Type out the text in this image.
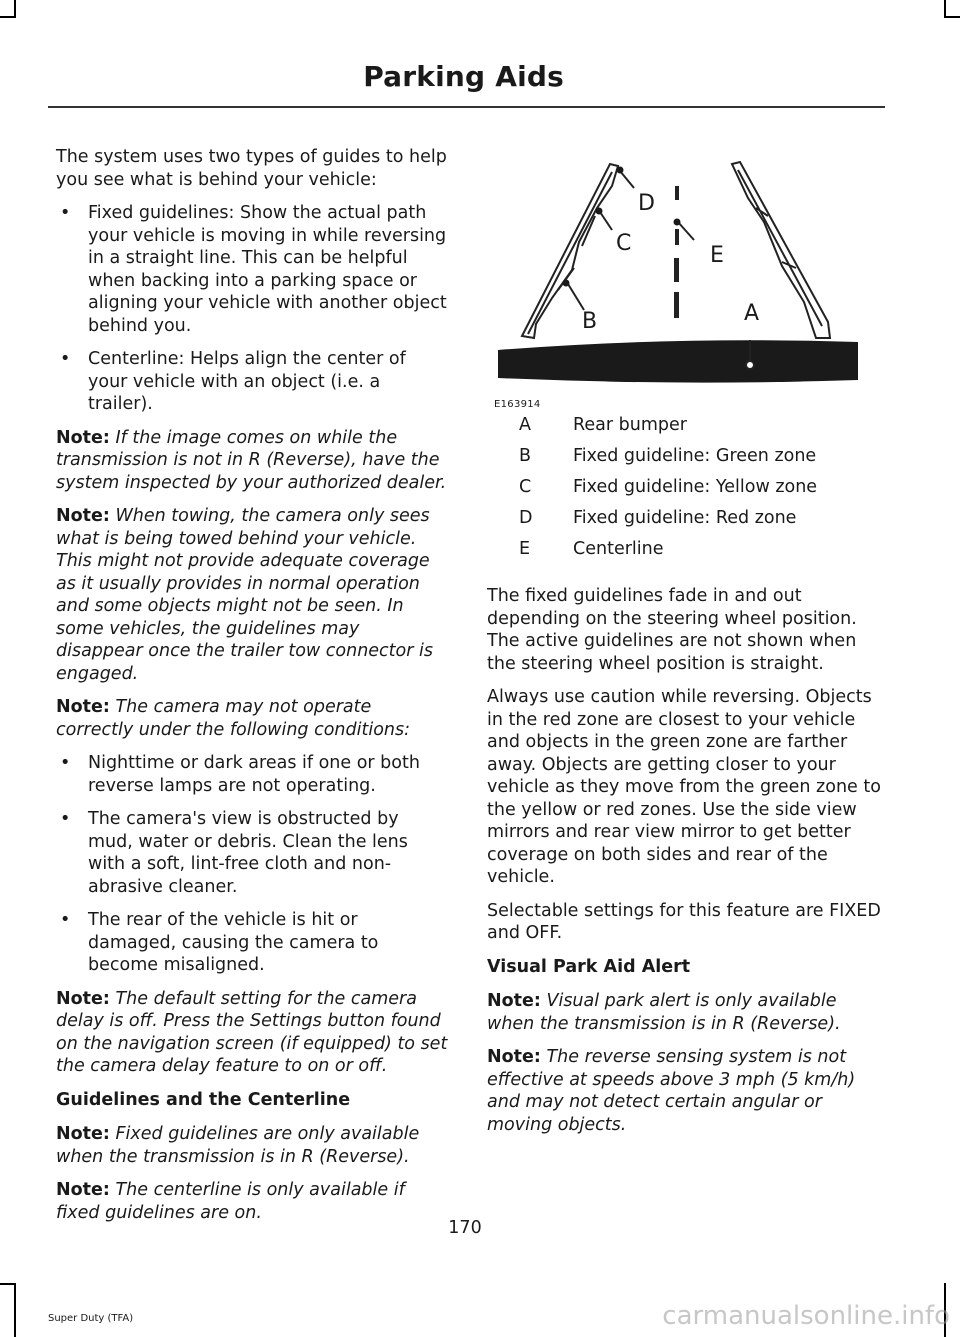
Parking Aids

The system uses two types of guides to help you see what is behind your vehicle:

• Fixed guidelines: Show the actual path your vehicle is moving in while reversing in a straight line. This can be helpful when backing into a parking space or aligning your vehicle with another object behind you.
• Centerline: Helps align the center of your vehicle with an object (i.e. a trailer).

Note: If the image comes on while the transmission is not in R (Reverse), have the system inspected by your authorized dealer.

Note: When towing, the camera only sees what is being towed behind your vehicle. This might not provide adequate coverage as it usually provides in normal operation and some objects might not be seen. In some vehicles, the guidelines may disappear once the trailer tow connector is engaged.

Note: The camera may not operate correctly under the following conditions:

• Nighttime or dark areas if one or both reverse lamps are not operating.
• The camera's view is obstructed by mud, water or debris. Clean the lens with a soft, lint-free cloth and non-abrasive cleaner.
• The rear of the vehicle is hit or damaged, causing the camera to become misaligned.

Note: The default setting for the camera delay is off. Press the Settings button found on the navigation screen (if equipped) to set the camera delay feature to on or off.

Guidelines and the Centerline

Note: Fixed guidelines are only available when the transmission is in R (Reverse).

Note: The centerline is only available if fixed guidelines are on.

D
C	E
B	A
E163914
A	Rear bumper
B	Fixed guideline: Green zone
C	Fixed guideline: Yellow zone
D	Fixed guideline: Red zone
E	Centerline

The fixed guidelines fade in and out depending on the steering wheel position. The active guidelines are not shown when the steering wheel position is straight.

Always use caution while reversing. Objects in the red zone are closest to your vehicle and objects in the green zone are farther away. Objects are getting closer to your vehicle as they move from the green zone to the yellow or red zones. Use the side view mirrors and rear view mirror to get better coverage on both sides and rear of the vehicle.

Selectable settings for this feature are FIXED and OFF.

Visual Park Aid Alert

Note: Visual park alert is only available when the transmission is in R (Reverse).

Note: The reverse sensing system is not effective at speeds above 3 mph (5 km/h) and may not detect certain angular or moving objects.

170
Super Duty (TFA)	carmanualsonline.info
